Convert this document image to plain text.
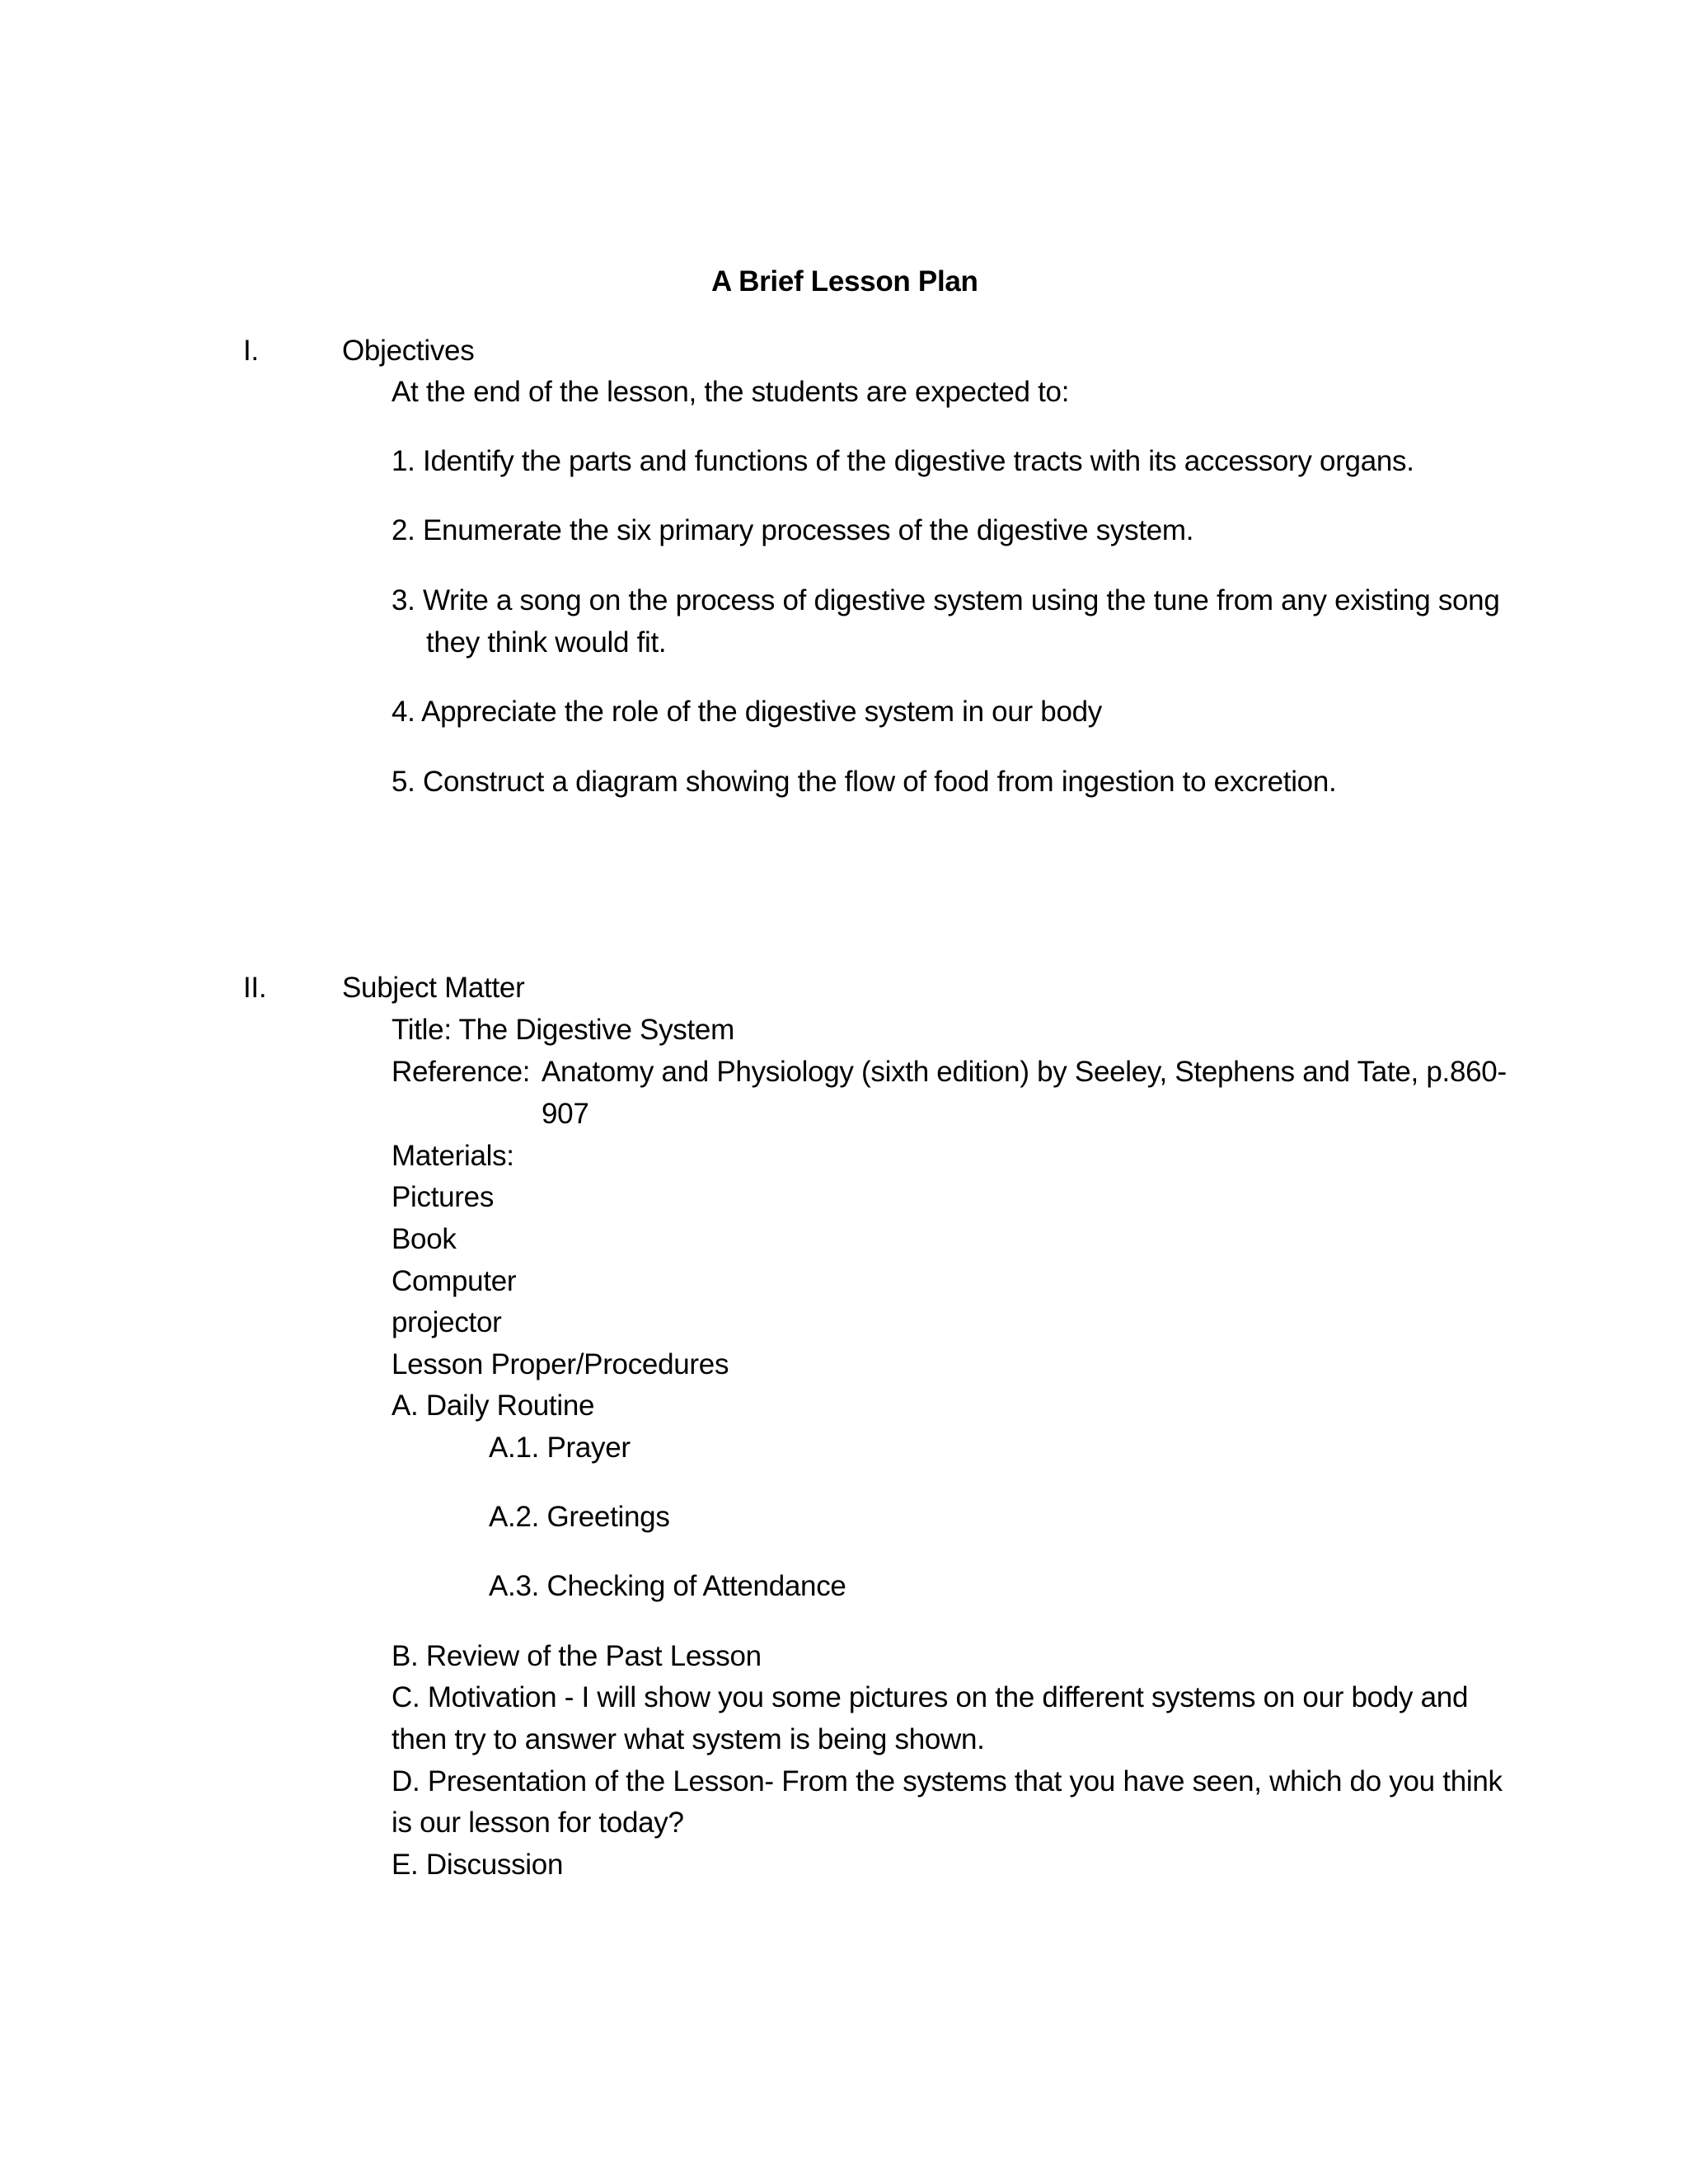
A Brief Lesson Plan
I.	Objectives
At the end of the lesson, the students are expected to:
1. Identify the parts and functions of the digestive tracts with its accessory organs.
2. Enumerate the six primary processes of the digestive system.
3. Write a song on the process of digestive system using the tune from any existing song
they think would fit.
4. Appreciate the role of the digestive system in our body
5. Construct a diagram showing the flow of food from ingestion to excretion.
II.	Subject Matter
Title: The Digestive System
Reference: Anatomy and Physiology (sixth edition) by Seeley, Stephens and Tate, p.860-
907
Materials:
Pictures
Book
Computer
projector
Lesson Proper/Procedures
A. Daily Routine
A.1. Prayer
A.2. Greetings
A.3. Checking of Attendance
B. Review of the Past Lesson
C. Motivation - I will show you some pictures on the different systems on our body and
then try to answer what system is being shown.
D. Presentation of the Lesson- From the systems that you have seen, which do you think
is our lesson for today?
E. Discussion
